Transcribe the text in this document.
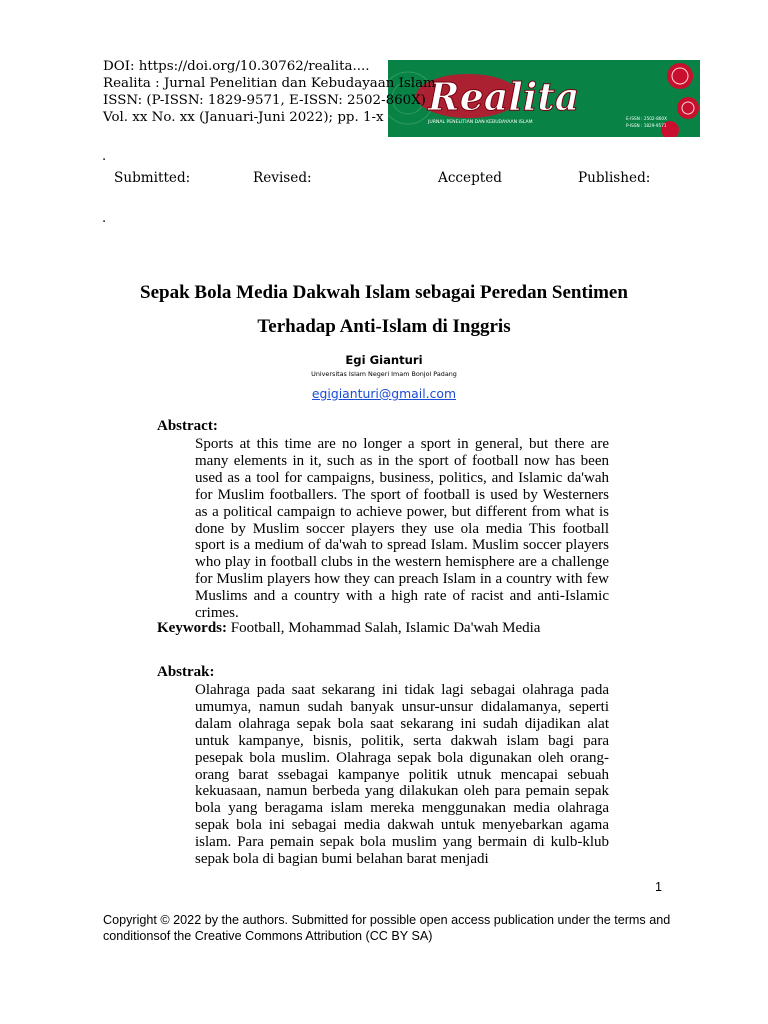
Realita
JURNAL PENELITIAN DAN KEBUDAYAAN ISLAM
E-ISSN : 2502-860X
P-ISSN : 1829-9571
DOI: https://doi.org/10.30762/realita....
Realita : Jurnal Penelitian dan Kebudayaan Islam
ISSN: (P-ISSN: 1829-9571, E-ISSN: 2502-860X)
Vol. xx No. xx (Januari-Juni 2022); pp. 1-x
.
Submitted:	Revised:	Accepted	Published:
.
Sepak Bola Media Dakwah Islam sebagai Peredan Sentimen
Terhadap Anti-Islam di Inggris
Egi Gianturi
Universitas Islam Negeri Imam Bonjol Padang
egigianturi@gmail.com
Abstract:
Sports at this time are no longer a sport in general, but there are many elements in it, such as in the sport of football now has been used as a tool for campaigns, business, politics, and Islamic da'wah for Muslim footballers. The sport of football is used by Westerners as a political campaign to achieve power, but different from what is done by Muslim soccer players they use ola media This football sport is a medium of da'wah to spread Islam. Muslim soccer players who play in football clubs in the western hemisphere are a challenge for Muslim players how they can preach Islam in a country with few Muslims and a country with a high rate of racist and anti-Islamic crimes.
Keywords: Football, Mohammad Salah, Islamic Da'wah Media
Abstrak:
Olahraga pada saat sekarang ini tidak lagi sebagai olahraga pada umumya, namun sudah banyak unsur-unsur didalamanya, seperti dalam olahraga sepak bola saat sekarang ini sudah dijadikan alat untuk kampanye, bisnis, politik, serta dakwah islam bagi para pesepak bola muslim. Olahraga sepak bola digunakan oleh orang-orang barat ssebagai kampanye politik utnuk mencapai sebuah kekuasaan, namun berbeda yang dilakukan oleh para pemain sepak bola yang beragama islam mereka menggunakan media olahraga sepak bola ini sebagai media dakwah untuk menyebarkan agama islam. Para pemain sepak bola muslim yang bermain di kulb-klub sepak bola di bagian bumi belahan barat menjadi
1
Copyright © 2022 by the authors. Submitted for possible open access publication under the terms and conditionsof the Creative Commons Attribution (CC BY SA)
